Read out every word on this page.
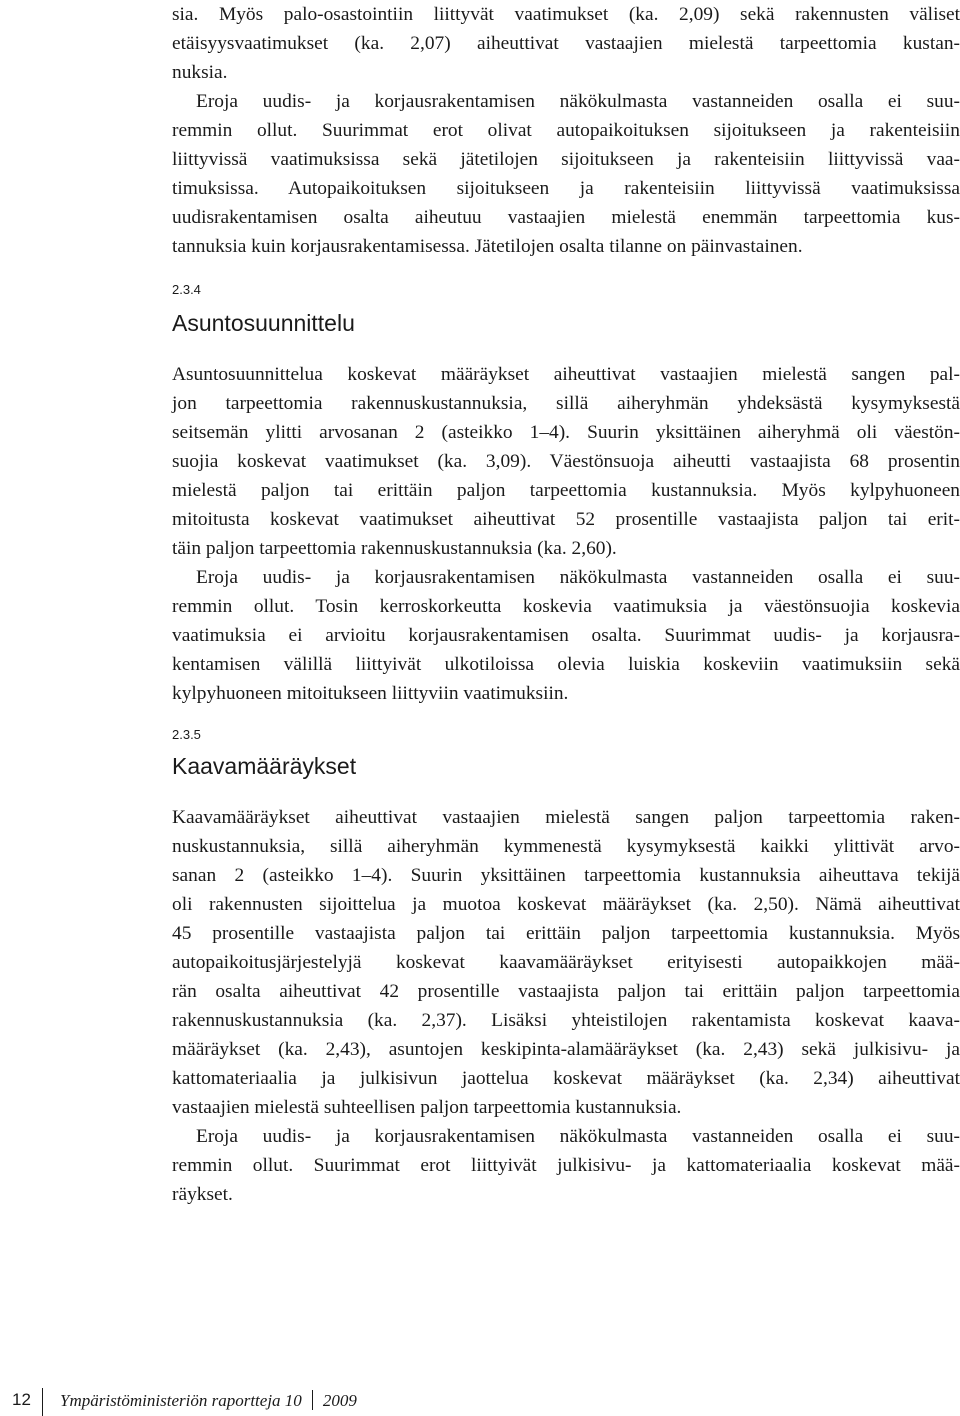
sia. Myös palo-osastointiin liittyvät vaatimukset (ka. 2,09) sekä rakennusten väliset
etäisyysvaatimukset (ka. 2,07) aiheuttivat vastaajien mielestä tarpeettomia kustan-
nuksia.
Eroja uudis- ja korjausrakentamisen näkökulmasta vastanneiden osalla ei suu-
remmin ollut. Suurimmat erot olivat autopaikoituksen sijoitukseen ja rakenteisiin
liittyvissä vaatimuksissa sekä jätetilojen sijoitukseen ja rakenteisiin liittyvissä vaa-
timuksissa. Autopaikoituksen sijoitukseen ja rakenteisiin liittyvissä vaatimuksissa
uudisrakentamisen osalta aiheutuu vastaajien mielestä enemmän tarpeettomia kus-
tannuksia kuin korjausrakentamisessa. Jätetilojen osalta tilanne on päinvastainen.
2.3.4
Asuntosuunnittelu
Asuntosuunnittelua koskevat määräykset aiheuttivat vastaajien mielestä sangen pal-
jon tarpeettomia rakennuskustannuksia, sillä aiheryhmän yhdeksästä kysymyksestä
seitsemän ylitti arvosanan 2 (asteikko 1–4). Suurin yksittäinen aiheryhmä oli väestön-
suojia koskevat vaatimukset (ka. 3,09). Väestönsuoja aiheutti vastaajista 68 prosentin
mielestä paljon tai erittäin paljon tarpeettomia kustannuksia. Myös kylpyhuoneen
mitoitusta koskevat vaatimukset aiheuttivat 52 prosentille vastaajista paljon tai erit-
täin paljon tarpeettomia rakennuskustannuksia (ka. 2,60).
Eroja uudis- ja korjausrakentamisen näkökulmasta vastanneiden osalla ei suu-
remmin ollut. Tosin kerroskorkeutta koskevia vaatimuksia ja väestönsuojia koskevia
vaatimuksia ei arvioitu korjausrakentamisen osalta. Suurimmat uudis- ja korjausra-
kentamisen välillä liittyivät ulkotiloissa olevia luiskia koskeviin vaatimuksiin sekä
kylpyhuoneen mitoitukseen liittyviin vaatimuksiin.
2.3.5
Kaavamääräykset
Kaavamääräykset aiheuttivat vastaajien mielestä sangen paljon tarpeettomia raken-
nuskustannuksia, sillä aiheryhmän kymmenestä kysymyksestä kaikki ylittivät arvo-
sanan 2 (asteikko 1–4). Suurin yksittäinen tarpeettomia kustannuksia aiheuttava tekijä
oli rakennusten sijoittelua ja muotoa koskevat määräykset (ka. 2,50). Nämä aiheuttivat
45 prosentille vastaajista paljon tai erittäin paljon tarpeettomia kustannuksia. Myös
autopaikoitusjärjestelyjä koskevat kaavamääräykset erityisesti autopaikkojen mää-
rän osalta aiheuttivat 42 prosentille vastaajista paljon tai erittäin paljon tarpeettomia
rakennuskustannuksia (ka. 2,37). Lisäksi yhteistilojen rakentamista koskevat kaava-
määräykset (ka. 2,43), asuntojen keskipinta-alamääräykset (ka. 2,43) sekä julkisivu- ja
kattomateriaalia ja julkisivun jaottelua koskevat määräykset (ka. 2,34) aiheuttivat
vastaajien mielestä suhteellisen paljon tarpeettomia kustannuksia.
Eroja uudis- ja korjausrakentamisen näkökulmasta vastanneiden osalla ei suu-
remmin ollut. Suurimmat erot liittyivät julkisivu- ja kattomateriaalia koskevat mää-
räykset.
12 Ympäristöministeriön raportteja 10 2009
